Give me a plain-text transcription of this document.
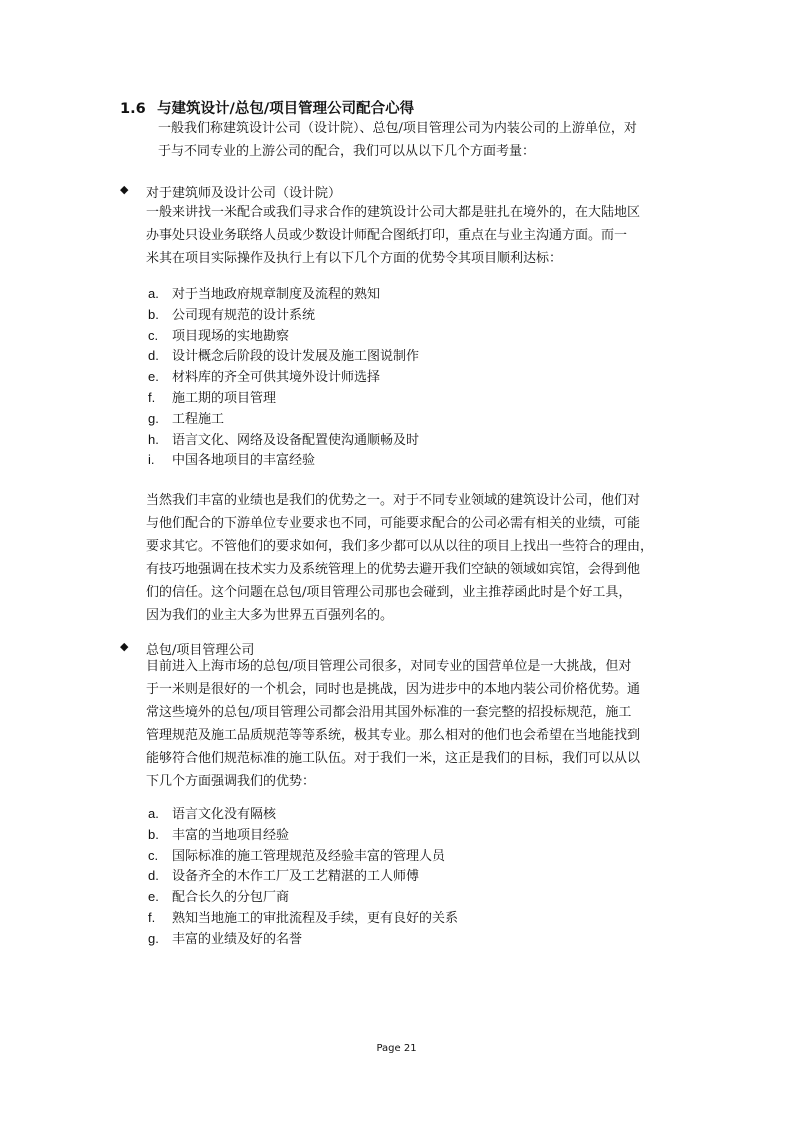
1.6 与建筑设计/总包/项目管理公司配合心得

一般我们称建筑设计公司（设计院）、总包/项目管理公司为内装公司的上游单位，对

于与不同专业的上游公司的配合，我们可以从以下几个方面考量：

◆ 对于建筑师及设计公司（设计院）

一般来讲找一米配合或我们寻求合作的建筑设计公司大都是驻扎在境外的，在大陆地区

办事处只设业务联络人员或少数设计师配合图纸打印，重点在与业主沟通方面。而一

米其在项目实际操作及执行上有以下几个方面的优势令其项目顺利达标：

a. 对于当地政府规章制度及流程的熟知
b. 公司现有规范的设计系统
c. 项目现场的实地勘察
d. 设计概念后阶段的设计发展及施工图说制作
e. 材料库的齐全可供其境外设计师选择
f. 施工期的项目管理
g. 工程施工
h. 语言文化、网络及设备配置使沟通顺畅及时
i. 中国各地项目的丰富经验

当然我们丰富的业绩也是我们的优势之一。对于不同专业领域的建筑设计公司，他们对

与他们配合的下游单位专业要求也不同，可能要求配合的公司必需有相关的业绩，可能

要求其它。不管他们的要求如何，我们多少都可以从以往的项目上找出一些符合的理由，

有技巧地强调在技术实力及系统管理上的优势去避开我们空缺的领域如宾馆，会得到他

们的信任。这个问题在总包/项目管理公司那也会碰到，业主推荐函此时是个好工具，

因为我们的业主大多为世界五百强列名的。

◆ 总包/项目管理公司

目前进入上海市场的总包/项目管理公司很多，对同专业的国营单位是一大挑战，但对

于一米则是很好的一个机会，同时也是挑战，因为进步中的本地内装公司价格优势。通

常这些境外的总包/项目管理公司都会沿用其国外标准的一套完整的招投标规范，施工

管理规范及施工品质规范等等系统，极其专业。那么相对的他们也会希望在当地能找到

能够符合他们规范标准的施工队伍。对于我们一米，这正是我们的目标，我们可以从以

下几个方面强调我们的优势：

a. 语言文化没有隔核
b. 丰富的当地项目经验
c. 国际标准的施工管理规范及经验丰富的管理人员
d. 设备齐全的木作工厂及工艺精湛的工人师傅
e. 配合长久的分包厂商
f. 熟知当地施工的审批流程及手续，更有良好的关系
g. 丰富的业绩及好的名誉
Page 21
